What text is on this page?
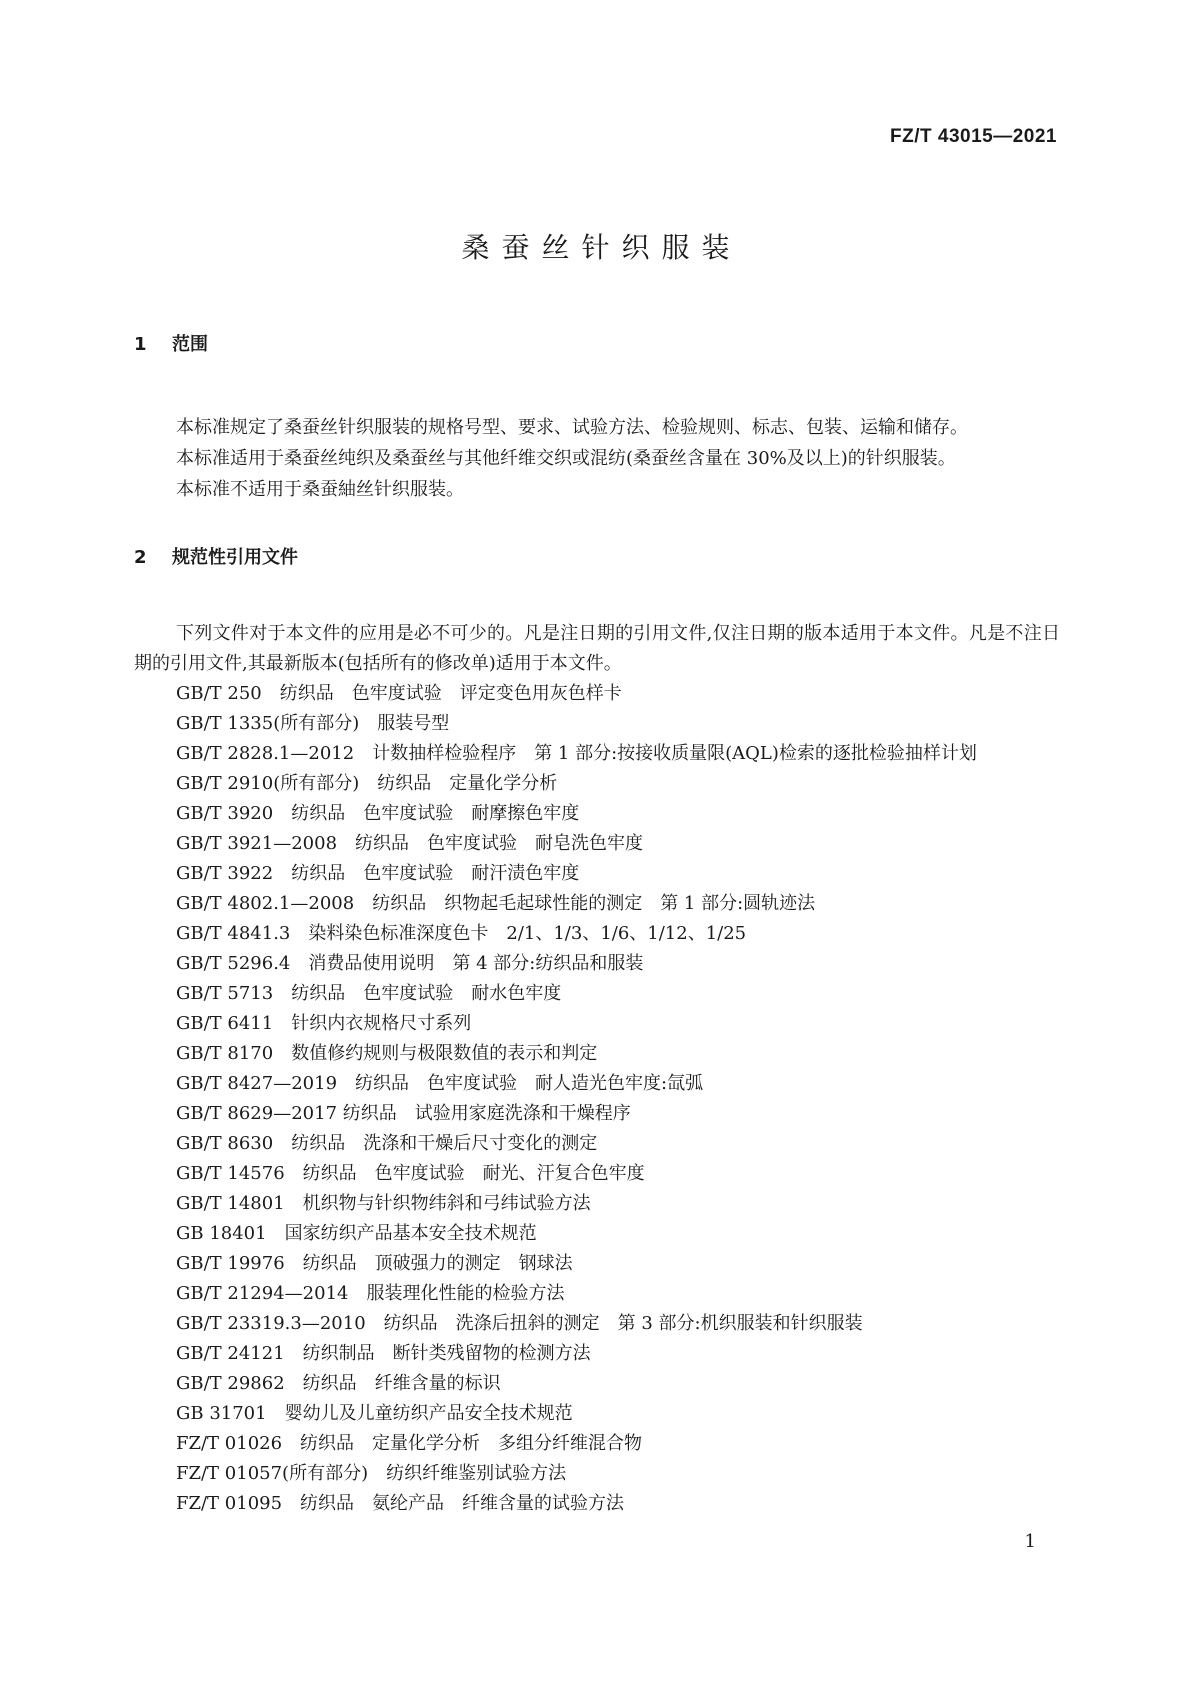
FZ/T 43015—2021
桑蚕丝针织服装
1 范围

本标准规定了桑蚕丝针织服装的规格号型、要求、试验方法、检验规则、标志、包装、运输和储存。

本标准适用于桑蚕丝纯织及桑蚕丝与其他纤维交织或混纺(桑蚕丝含量在 30%及以上)的针织服装。

本标准不适用于桑蚕紬丝针织服装。

2 规范性引用文件

下列文件对于本文件的应用是必不可少的。凡是注日期的引用文件,仅注日期的版本适用于本文件。凡是不注日期的引用文件,其最新版本(包括所有的修改单)适用于本文件。

GB/T 250　纺织品　色牢度试验　评定变色用灰色样卡

GB/T 1335(所有部分)　服装号型

GB/T 2828.1—2012　计数抽样检验程序　第 1 部分:按接收质量限(AQL)检索的逐批检验抽样计划

GB/T 2910(所有部分)　纺织品　定量化学分析

GB/T 3920　纺织品　色牢度试验　耐摩擦色牢度

GB/T 3921—2008　纺织品　色牢度试验　耐皂洗色牢度

GB/T 3922　纺织品　色牢度试验　耐汗渍色牢度

GB/T 4802.1—2008　纺织品　织物起毛起球性能的测定　第 1 部分:圆轨迹法

GB/T 4841.3　染料染色标准深度色卡　2/1、1/3、1/6、1/12、1/25

GB/T 5296.4　消费品使用说明　第 4 部分:纺织品和服装

GB/T 5713　纺织品　色牢度试验　耐水色牢度

GB/T 6411　针织内衣规格尺寸系列

GB/T 8170　数值修约规则与极限数值的表示和判定

GB/T 8427—2019　纺织品　色牢度试验　耐人造光色牢度:氙弧

GB/T 8629—2017 纺织品　试验用家庭洗涤和干燥程序

GB/T 8630　纺织品　洗涤和干燥后尺寸变化的测定

GB/T 14576　纺织品　色牢度试验　耐光、汗复合色牢度

GB/T 14801　机织物与针织物纬斜和弓纬试验方法

GB 18401　国家纺织产品基本安全技术规范

GB/T 19976　纺织品　顶破强力的测定　钢球法

GB/T 21294—2014　服装理化性能的检验方法

GB/T 23319.3—2010　纺织品　洗涤后扭斜的测定　第 3 部分:机织服装和针织服装

GB/T 24121　纺织制品　断针类残留物的检测方法

GB/T 29862　纺织品　纤维含量的标识

GB 31701　婴幼儿及儿童纺织产品安全技术规范

FZ/T 01026　纺织品　定量化学分析　多组分纤维混合物

FZ/T 01057(所有部分)　纺织纤维鉴别试验方法

FZ/T 01095　纺织品　氨纶产品　纤维含量的试验方法

1
